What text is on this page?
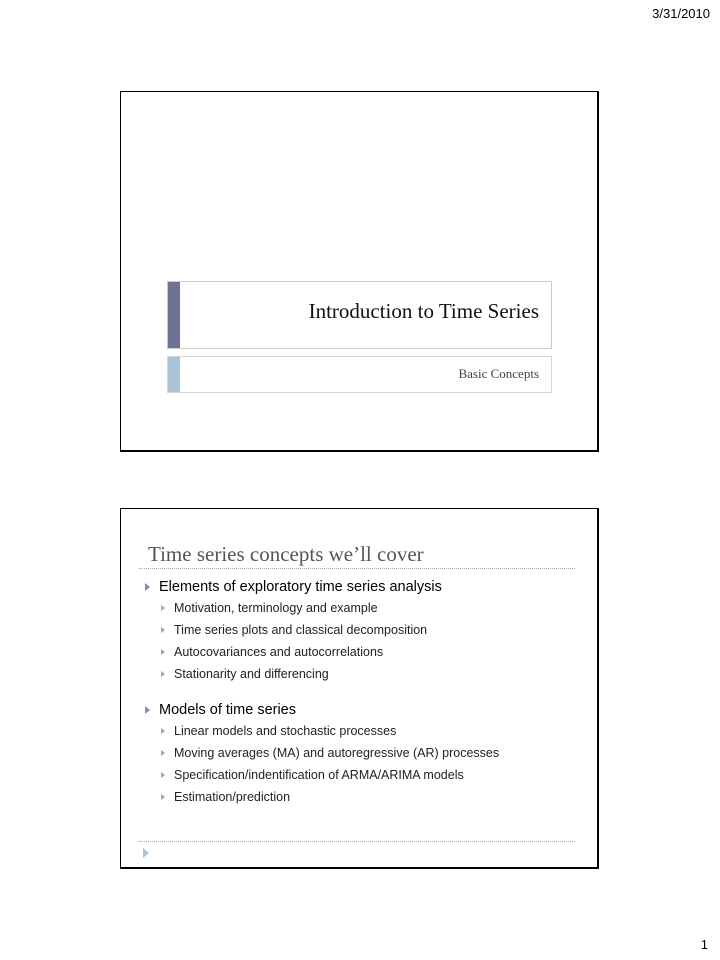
3/31/2010
Introduction to Time Series
Basic Concepts
Time series concepts we’ll cover
Elements of exploratory time series analysis
Motivation, terminology and example
Time series plots and classical decomposition
Autocovariances and autocorrelations
Stationarity and differencing
Models of time series
Linear models and stochastic processes
Moving averages (MA) and autoregressive (AR) processes
Specification/indentification of ARMA/ARIMA models
Estimation/prediction
1
